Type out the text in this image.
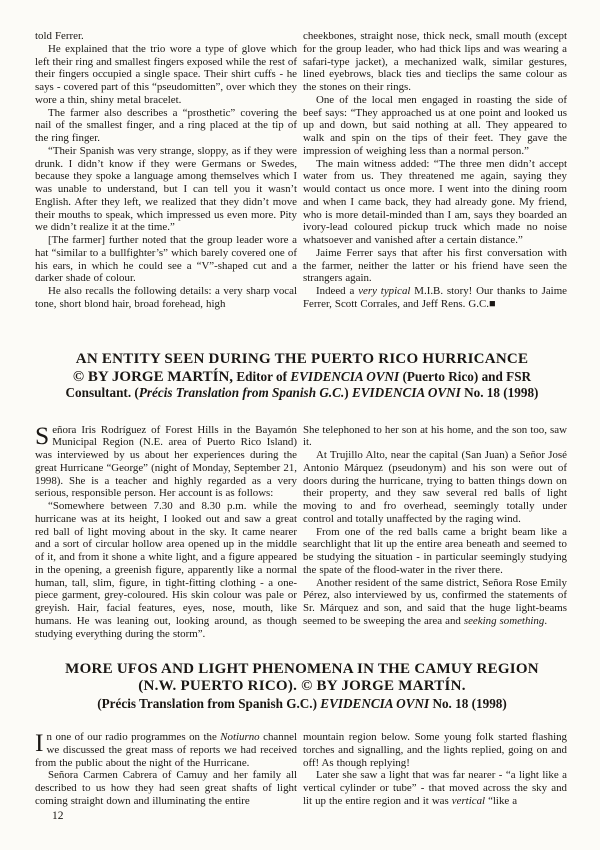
told Ferrer.

He explained that the trio wore a type of glove which left their ring and smallest fingers exposed while the rest of their fingers occupied a single space. Their shirt cuffs - he says - covered part of this “pseudomitten”, over which they wore a thin, shiny metal bracelet.

The farmer also describes a “prosthetic” covering the nail of the smallest finger, and a ring placed at the tip of the ring finger.

“Their Spanish was very strange, sloppy, as if they were drunk. I didn’t know if they were Germans or Swedes, because they spoke a language among themselves which I was unable to understand, but I can tell you it wasn’t English. After they left, we realized that they didn’t move their mouths to speak, which impressed us even more. Pity we didn’t realize it at the time.”

[The farmer] further noted that the group leader wore a hat “similar to a bullfighter’s” which barely covered one of his ears, in which he could see a “V”-shaped cut and a darker shade of colour.

He also recalls the following details: a very sharp vocal tone, short blond hair, broad forehead, high

cheekbones, straight nose, thick neck, small mouth (except for the group leader, who had thick lips and was wearing a safari-type jacket), a mechanized walk, similar gestures, lined eyebrows, black ties and tieclips the same colour as the stones on their rings.

One of the local men engaged in roasting the side of beef says: “They approached us at one point and looked us up and down, but said nothing at all. They appeared to walk and spin on the tips of their feet. They gave the impression of weighing less than a normal person.”

The main witness added: “The three men didn’t accept water from us. They threatened me again, saying they would contact us once more. I went into the dining room and when I came back, they had already gone. My friend, who is more detail-minded than I am, says they boarded an ivory-lead coloured pickup truck which made no noise whatsoever and vanished after a certain distance.”

Jaime Ferrer says that after his first conversation with the farmer, neither the latter or his friend have seen the strangers again.

Indeed a very typical M.I.B. story! Our thanks to Jaime Ferrer, Scott Corrales, and Jeff Rens. G.C.■

AN ENTITY SEEN DURING THE PUERTO RICO HURRICANCE
© BY JORGE MARTÍN, Editor of EVIDENCIA OVNI (Puerto Rico) and FSR
Consultant. (Précis Translation from Spanish G.C.) EVIDENCIA OVNI No. 18 (1998)

Señora Iris Rodríguez of Forest Hills in the Bayamón Municipal Region (N.E. area of Puerto Rico Island) was interviewed by us about her experiences during the great Hurricane “George” (night of Monday, September 21, 1998). She is a teacher and highly regarded as a very serious, responsible person. Her account is as follows:

“Somewhere between 7.30 and 8.30 p.m. while the hurricane was at its height, I looked out and saw a great red ball of light moving about in the sky. It came nearer and a sort of circular hollow area opened up in the middle of it, and from it shone a white light, and a figure appeared in the opening, a greenish figure, apparently like a normal human, tall, slim, figure, in tight-fitting clothing - a one-piece garment, grey-coloured. His skin colour was pale or greyish. Hair, facial features, eyes, nose, mouth, like humans. He was leaning out, looking around, as though studying everything during the storm”.

She telephoned to her son at his home, and the son too, saw it.

At Trujillo Alto, near the capital (San Juan) a Señor José Antonio Márquez (pseudonym) and his son were out of doors during the hurricane, trying to batten things down on their property, and they saw several red balls of light moving to and fro overhead, seemingly totally under control and totally unaffected by the raging wind.

From one of the red balls came a bright beam like a searchlight that lit up the entire area beneath and seemed to be studying the situation - in particular seemingly studying the spate of the flood-water in the river there.

Another resident of the same district, Señora Rose Emily Pérez, also interviewed by us, confirmed the statements of Sr. Márquez and son, and said that the huge light-beams seemed to be sweeping the area and seeking something.

MORE UFOS AND LIGHT PHENOMENA IN THE CAMUY REGION
(N.W. PUERTO RICO). © BY JORGE MARTÍN.
(Précis Translation from Spanish G.C.) EVIDENCIA OVNI No. 18 (1998)

In one of our radio programmes on the Notiurno channel we discussed the great mass of reports we had received from the public about the night of the Hurricane.

Señora Carmen Cabrera of Camuy and her family all described to us how they had seen great shafts of light coming straight down and illuminating the entire

mountain region below. Some young folk started flashing torches and signalling, and the lights replied, going on and off! As though replying!

Later she saw a light that was far nearer - “a light like a vertical cylinder or tube” - that moved across the sky and lit up the entire region and it was vertical “like a

12
